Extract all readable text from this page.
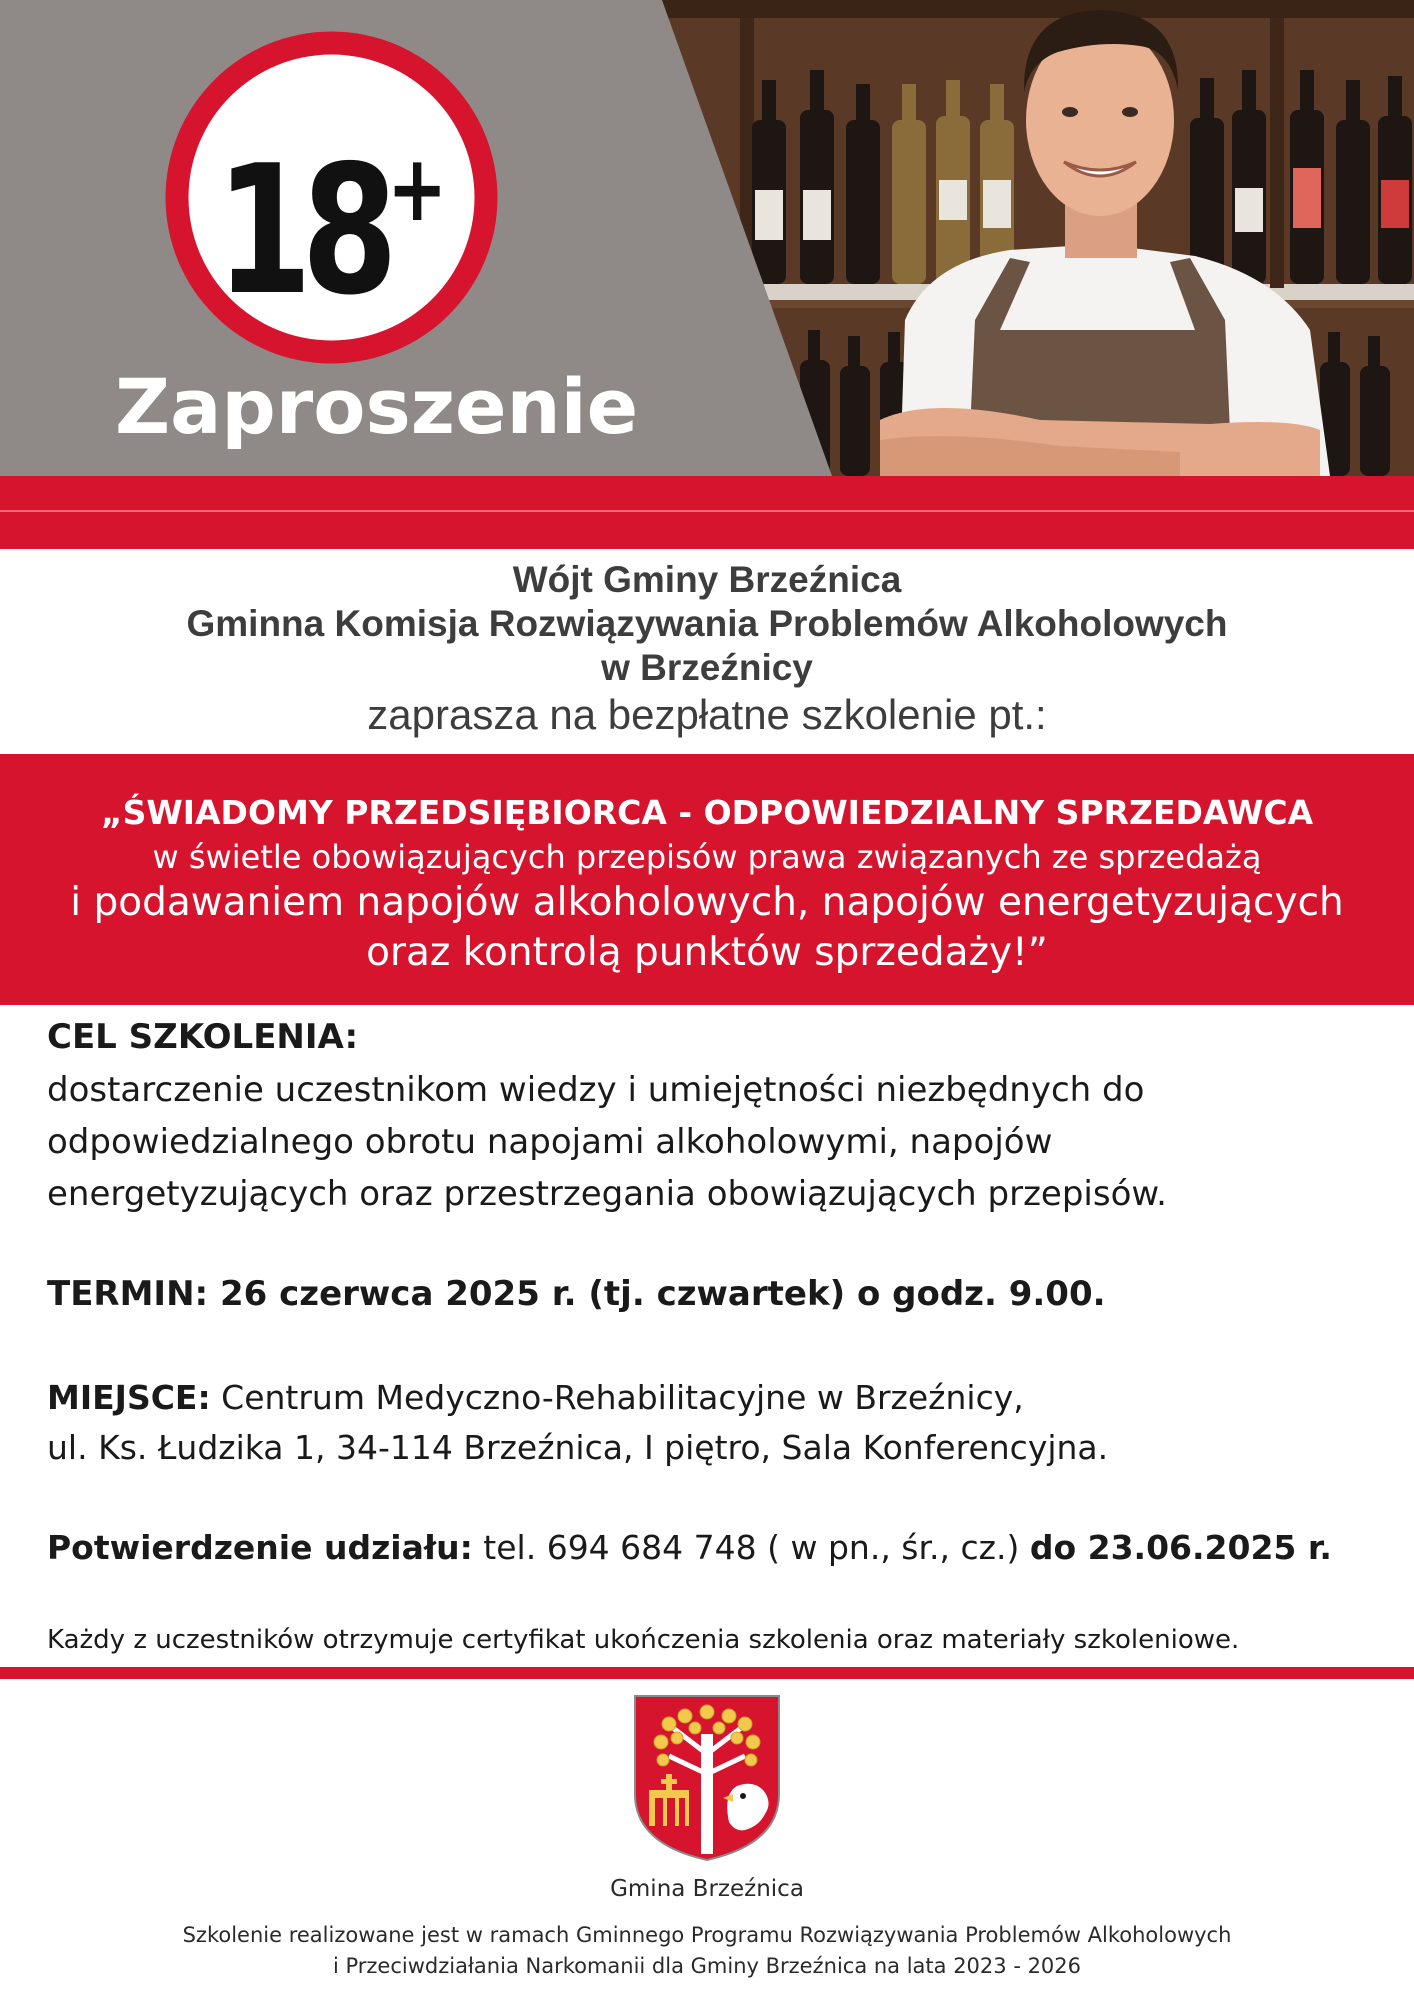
18+
Zaproszenie
Wójt Gminy Brzeźnica
Gminna Komisja Rozwiązywania Problemów Alkoholowych
w Brzeźnicy
zaprasza na bezpłatne szkolenie pt.:
„ŚWIADOMY PRZEDSIĘBIORCA - ODPOWIEDZIALNY SPRZEDAWCA
w świetle obowiązujących przepisów prawa związanych ze sprzedażą
i podawaniem napojów alkoholowych, napojów energetyzujących
oraz kontrolą punktów sprzedaży!”
CEL SZKOLENIA:
dostarczenie uczestnikom wiedzy i umiejętności niezbędnych do
odpowiedzialnego obrotu napojami alkoholowymi, napojów
energetyzujących oraz przestrzegania obowiązujących przepisów.
TERMIN: 26 czerwca 2025 r. (tj. czwartek) o godz. 9.00.
MIEJSCE: Centrum Medyczno-Rehabilitacyjne w Brzeźnicy,
ul. Ks. Łudzika 1, 34-114 Brzeźnica, I piętro, Sala Konferencyjna.
Potwierdzenie udziału: tel. 694 684 748 ( w pn., śr., cz.) do 23.06.2025 r.
Każdy z uczestników otrzymuje certyfikat ukończenia szkolenia oraz materiały szkoleniowe.
Gmina Brzeźnica
Szkolenie realizowane jest w ramach Gminnego Programu Rozwiązywania Problemów Alkoholowych
i Przeciwdziałania Narkomanii dla Gminy Brzeźnica na lata 2023 - 2026
